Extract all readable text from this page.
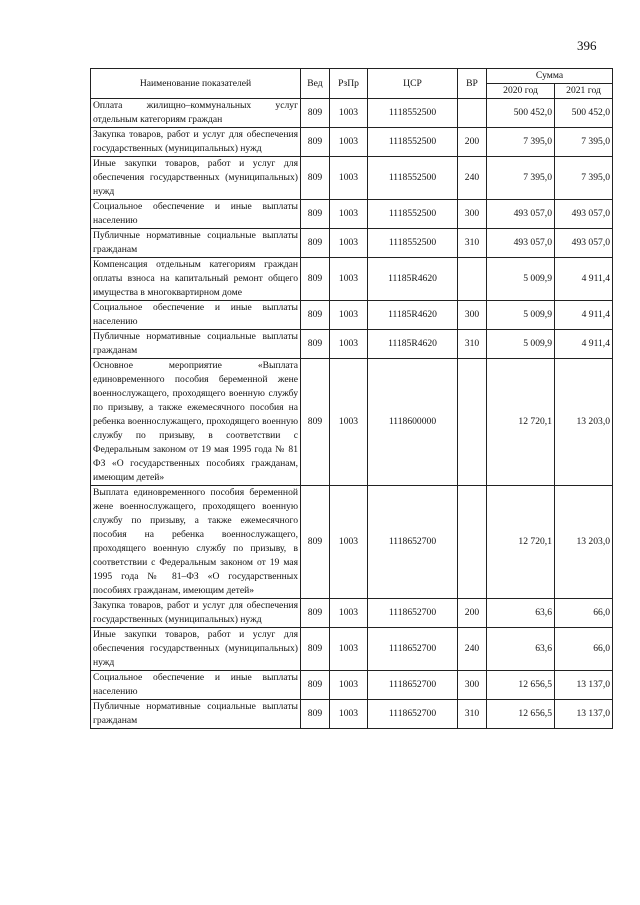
396
Наименование показателей	Вед	РзПр	ЦСР	ВР	Сумма	
					2020 год	2021 год
Оплата жилищно–коммунальных услуг отдельным категориям граждан	809	1003	1118552500		500 452,0	500 452,0
Закупка товаров, работ и услуг для обеспечения государственных (муниципальных) нужд	809	1003	1118552500	200	7 395,0	7 395,0
Иные закупки товаров, работ и услуг для обеспечения государственных (муниципальных) нужд	809	1003	1118552500	240	7 395,0	7 395,0
Социальное обеспечение и иные выплаты населению	809	1003	1118552500	300	493 057,0	493 057,0
Публичные нормативные социальные выплаты гражданам	809	1003	1118552500	310	493 057,0	493 057,0
Компенсация отдельным категориям граждан оплаты взноса на капитальный ремонт общего имущества в многоквартирном доме	809	1003	11185R4620		5 009,9	4 911,4
Социальное обеспечение и иные выплаты населению	809	1003	11185R4620	300	5 009,9	4 911,4
Публичные нормативные социальные выплаты гражданам	809	1003	11185R4620	310	5 009,9	4 911,4
Основное мероприятие «Выплата единовременного пособия беременной жене военнослужащего, проходящего военную службу по призыву, а также ежемесячного пособия на ребенка военнослужащего, проходящего военную службу по призыву, в соответствии с Федеральным законом от 19 мая 1995 года № 81 ФЗ «О государственных пособиях гражданам, имеющим детей»	809	1003	1118600000		12 720,1	13 203,0
Выплата единовременного пособия беременной жене военнослужащего, проходящего военную службу по призыву, а также ежемесячного пособия на ребенка военнослужащего, проходящего военную службу по призыву, в соответствии с Федеральным законом от 19 мая 1995 года № 81–ФЗ «О государственных пособиях гражданам, имеющим детей»	809	1003	1118652700		12 720,1	13 203,0
Закупка товаров, работ и услуг для обеспечения государственных (муниципальных) нужд	809	1003	1118652700	200	63,6	66,0
Иные закупки товаров, работ и услуг для обеспечения государственных (муниципальных) нужд	809	1003	1118652700	240	63,6	66,0
Социальное обеспечение и иные выплаты населению	809	1003	1118652700	300	12 656,5	13 137,0
Публичные нормативные социальные выплаты гражданам	809	1003	1118652700	310	12 656,5	13 137,0
